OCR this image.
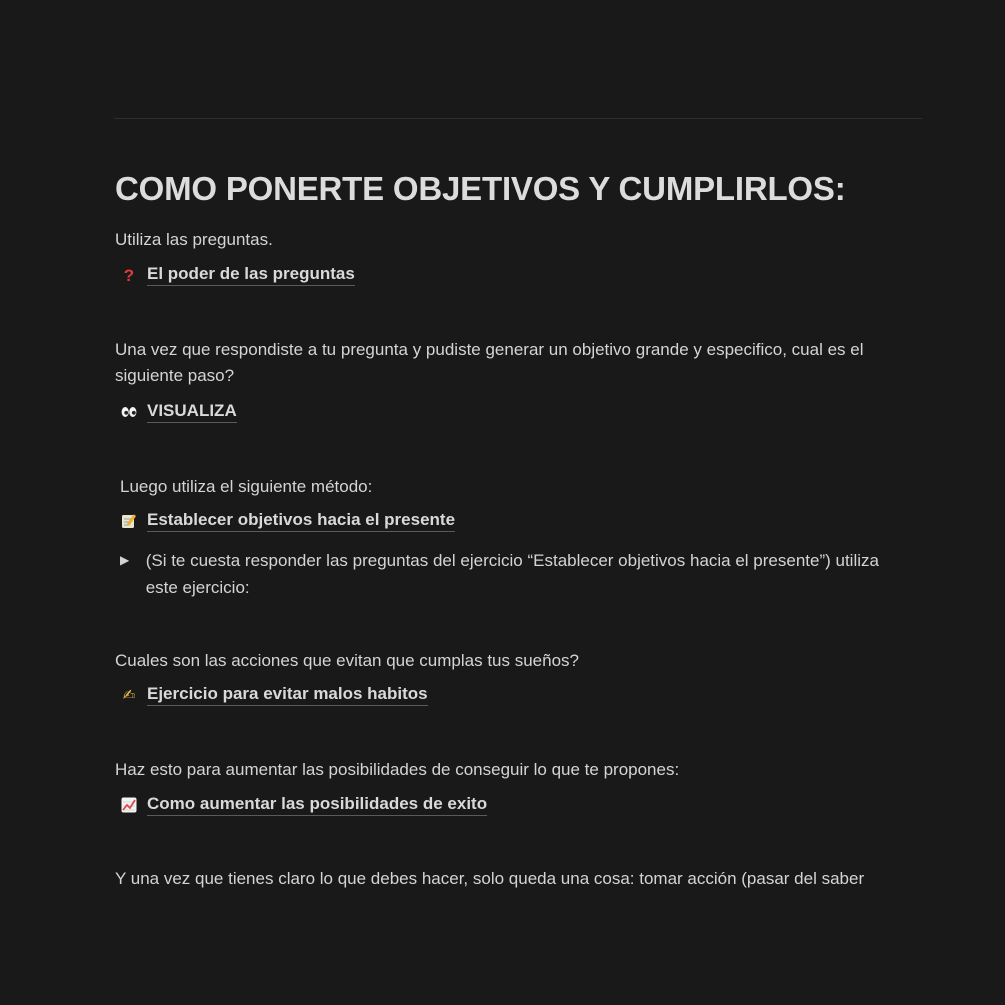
COMO PONERTE OBJETIVOS Y CUMPLIRLOS:
Utiliza las preguntas.
? El poder de las preguntas
Una vez que respondiste a tu pregunta y pudiste generar un objetivo grande y especifico, cual es el siguiente paso?
VISUALIZA
Luego utiliza el siguiente método:
Establecer objetivos hacia el presente
▶ (Si te cuesta responder las preguntas del ejercicio “Establecer objetivos hacia el presente”) utiliza este ejercicio:
Cuales son las acciones que evitan que cumplas tus sueños?
✍ Ejercicio para evitar malos habitos
Haz esto para aumentar las posibilidades de conseguir lo que te propones:
Como aumentar las posibilidades de exito
Y una vez que tienes claro lo que debes hacer, solo queda una cosa: tomar acción (pasar del saber
